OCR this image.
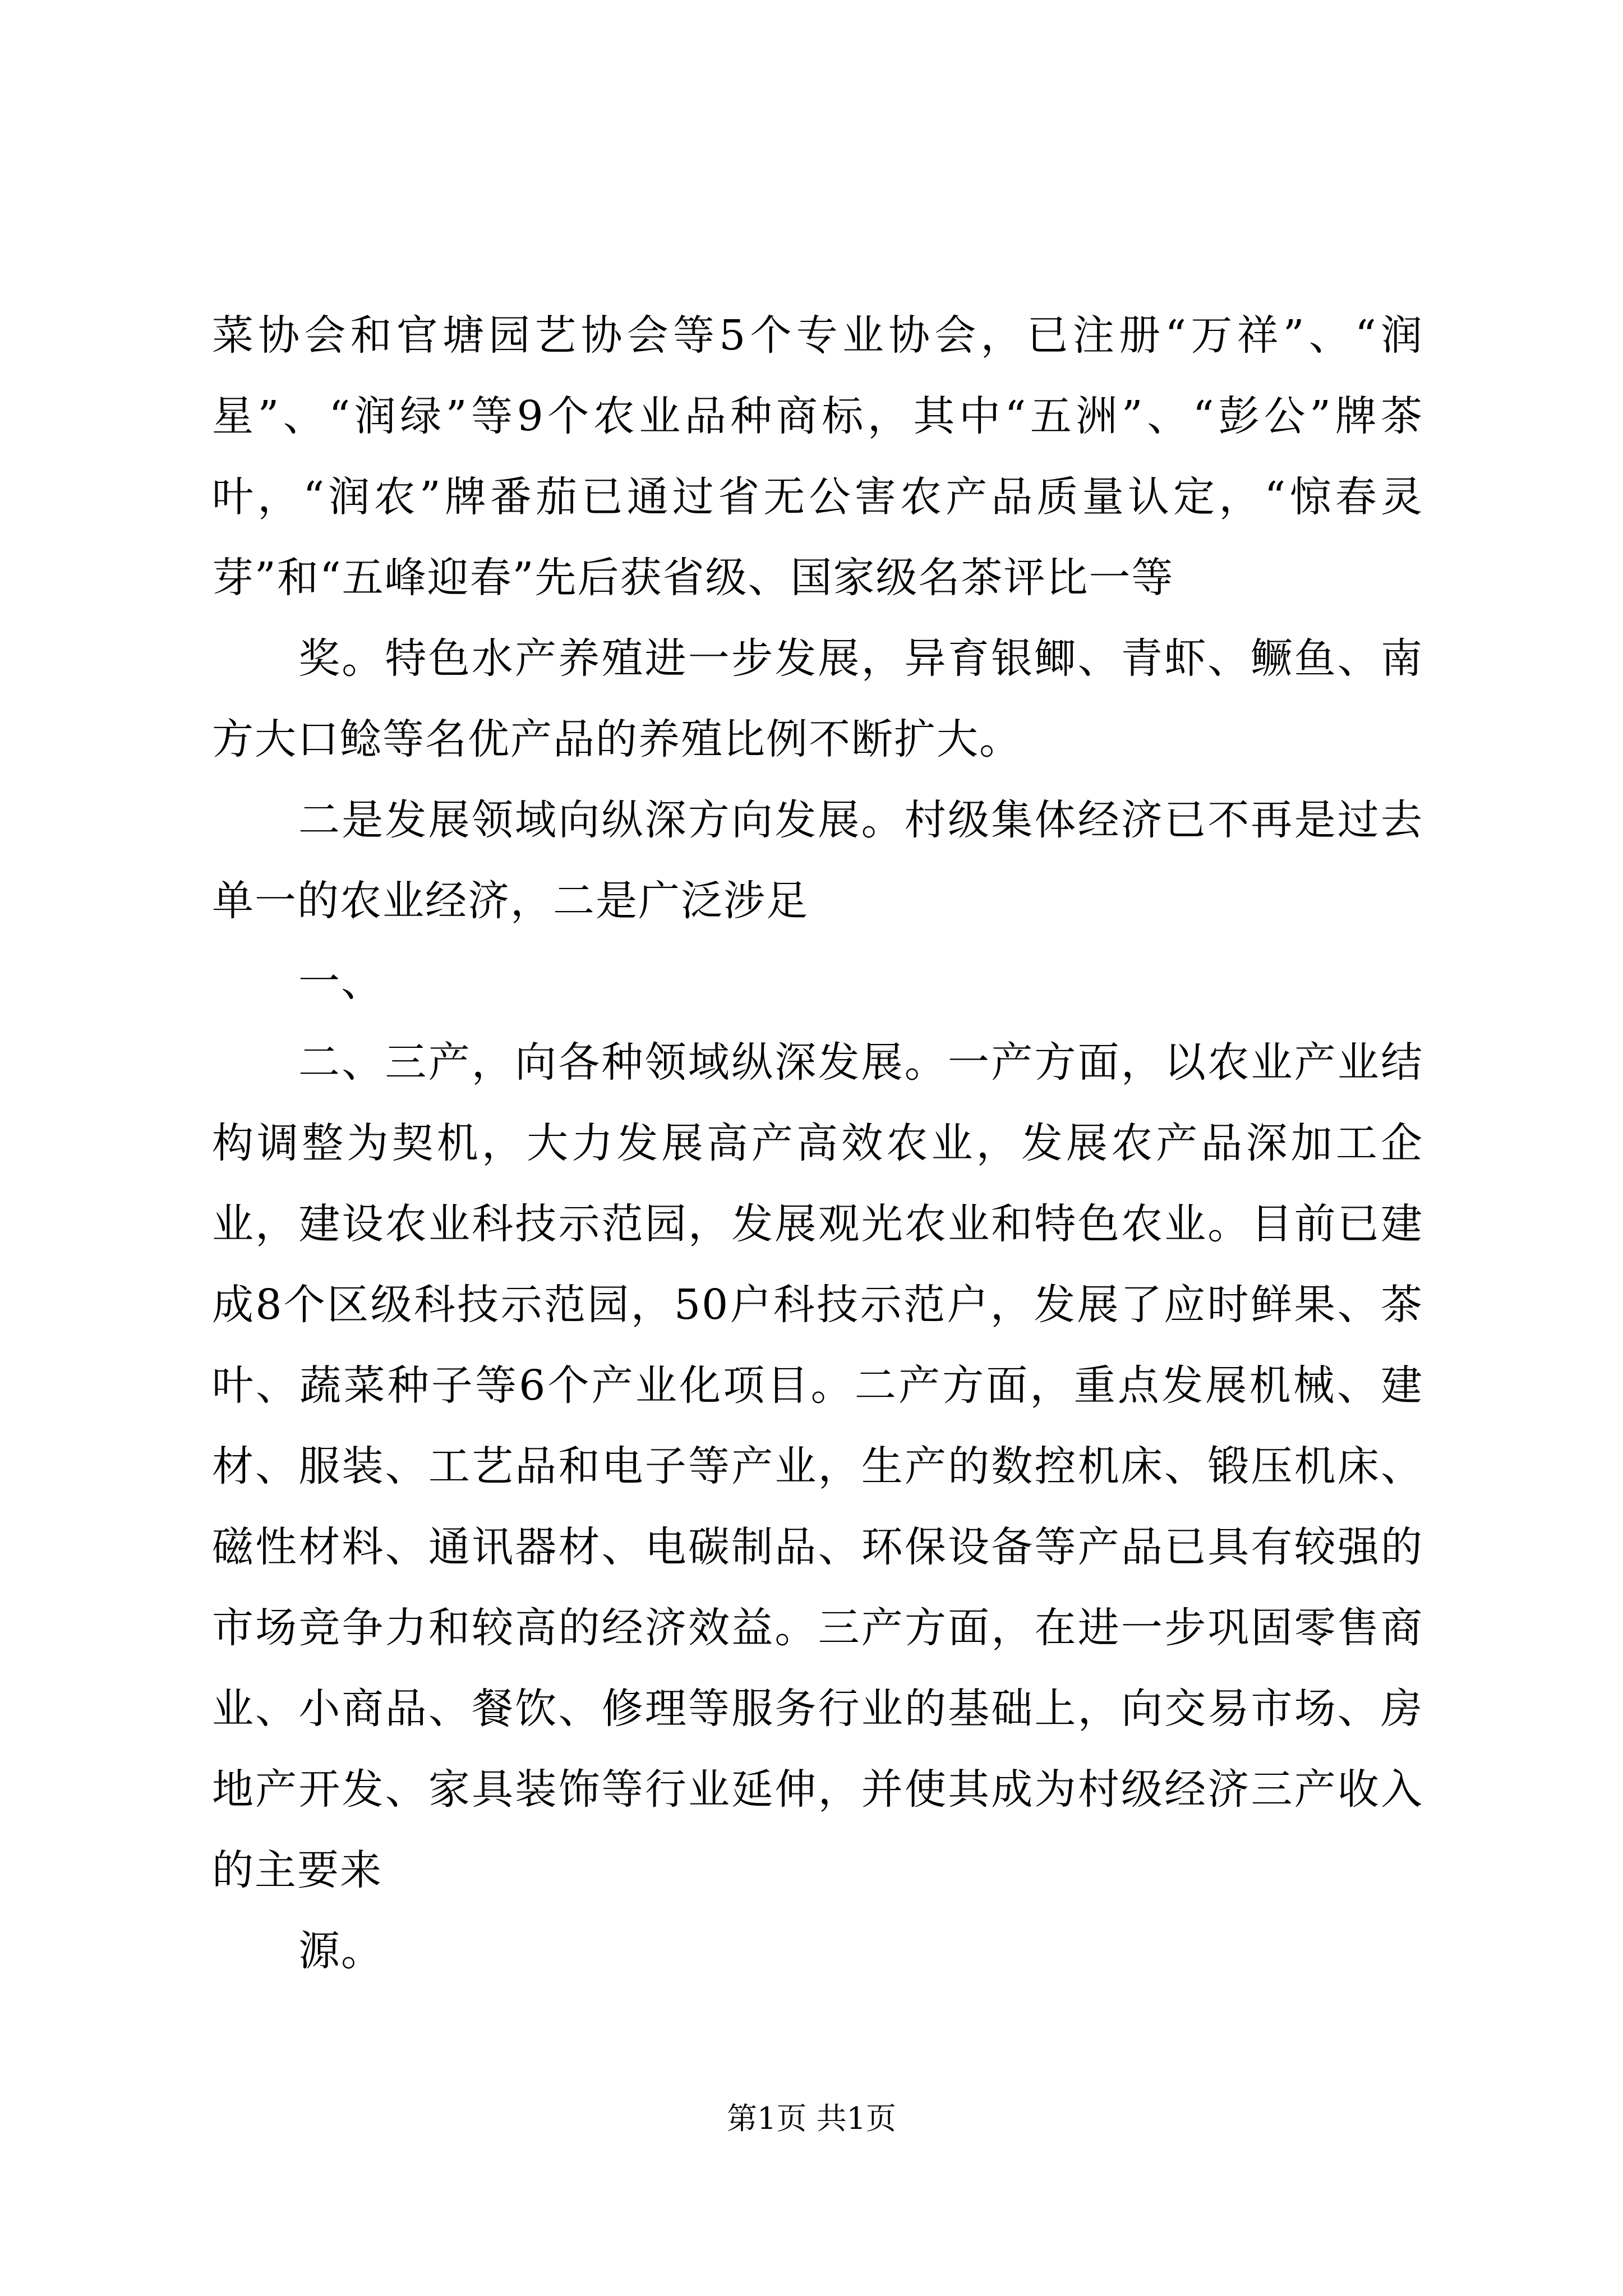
菜协会和官塘园艺协会等5个专业协会，已注册“万祥”、“润星”、“润绿”等9个农业品种商标，其中“五洲”、“彭公”牌茶叶，“润农”牌番茄已通过省无公害农产品质量认定，“惊春灵芽”和“五峰迎春”先后获省级、国家级名茶评比一等

奖。特色水产养殖进一步发展，异育银鲫、青虾、鳜鱼、南方大口鲶等名优产品的养殖比例不断扩大。

二是发展领域向纵深方向发展。村级集体经济已不再是过去单一的农业经济，二是广泛涉足

一、

二、三产，向各种领域纵深发展。一产方面，以农业产业结构调整为契机，大力发展高产高效农业，发展农产品深加工企业，建设农业科技示范园，发展观光农业和特色农业。目前已建成8个区级科技示范园，50户科技示范户，发展了应时鲜果、茶叶、蔬菜种子等6个产业化项目。二产方面，重点发展机械、建材、服装、工艺品和电子等产业，生产的数控机床、锻压机床、磁性材料、通讯器材、电碳制品、环保设备等产品已具有较强的市场竞争力和较高的经济效益。三产方面，在进一步巩固零售商业、小商品、餐饮、修理等服务行业的基础上，向交易市场、房地产开发、家具装饰等行业延伸，并使其成为村级经济三产收入的主要来

源。

第1页 共1页
